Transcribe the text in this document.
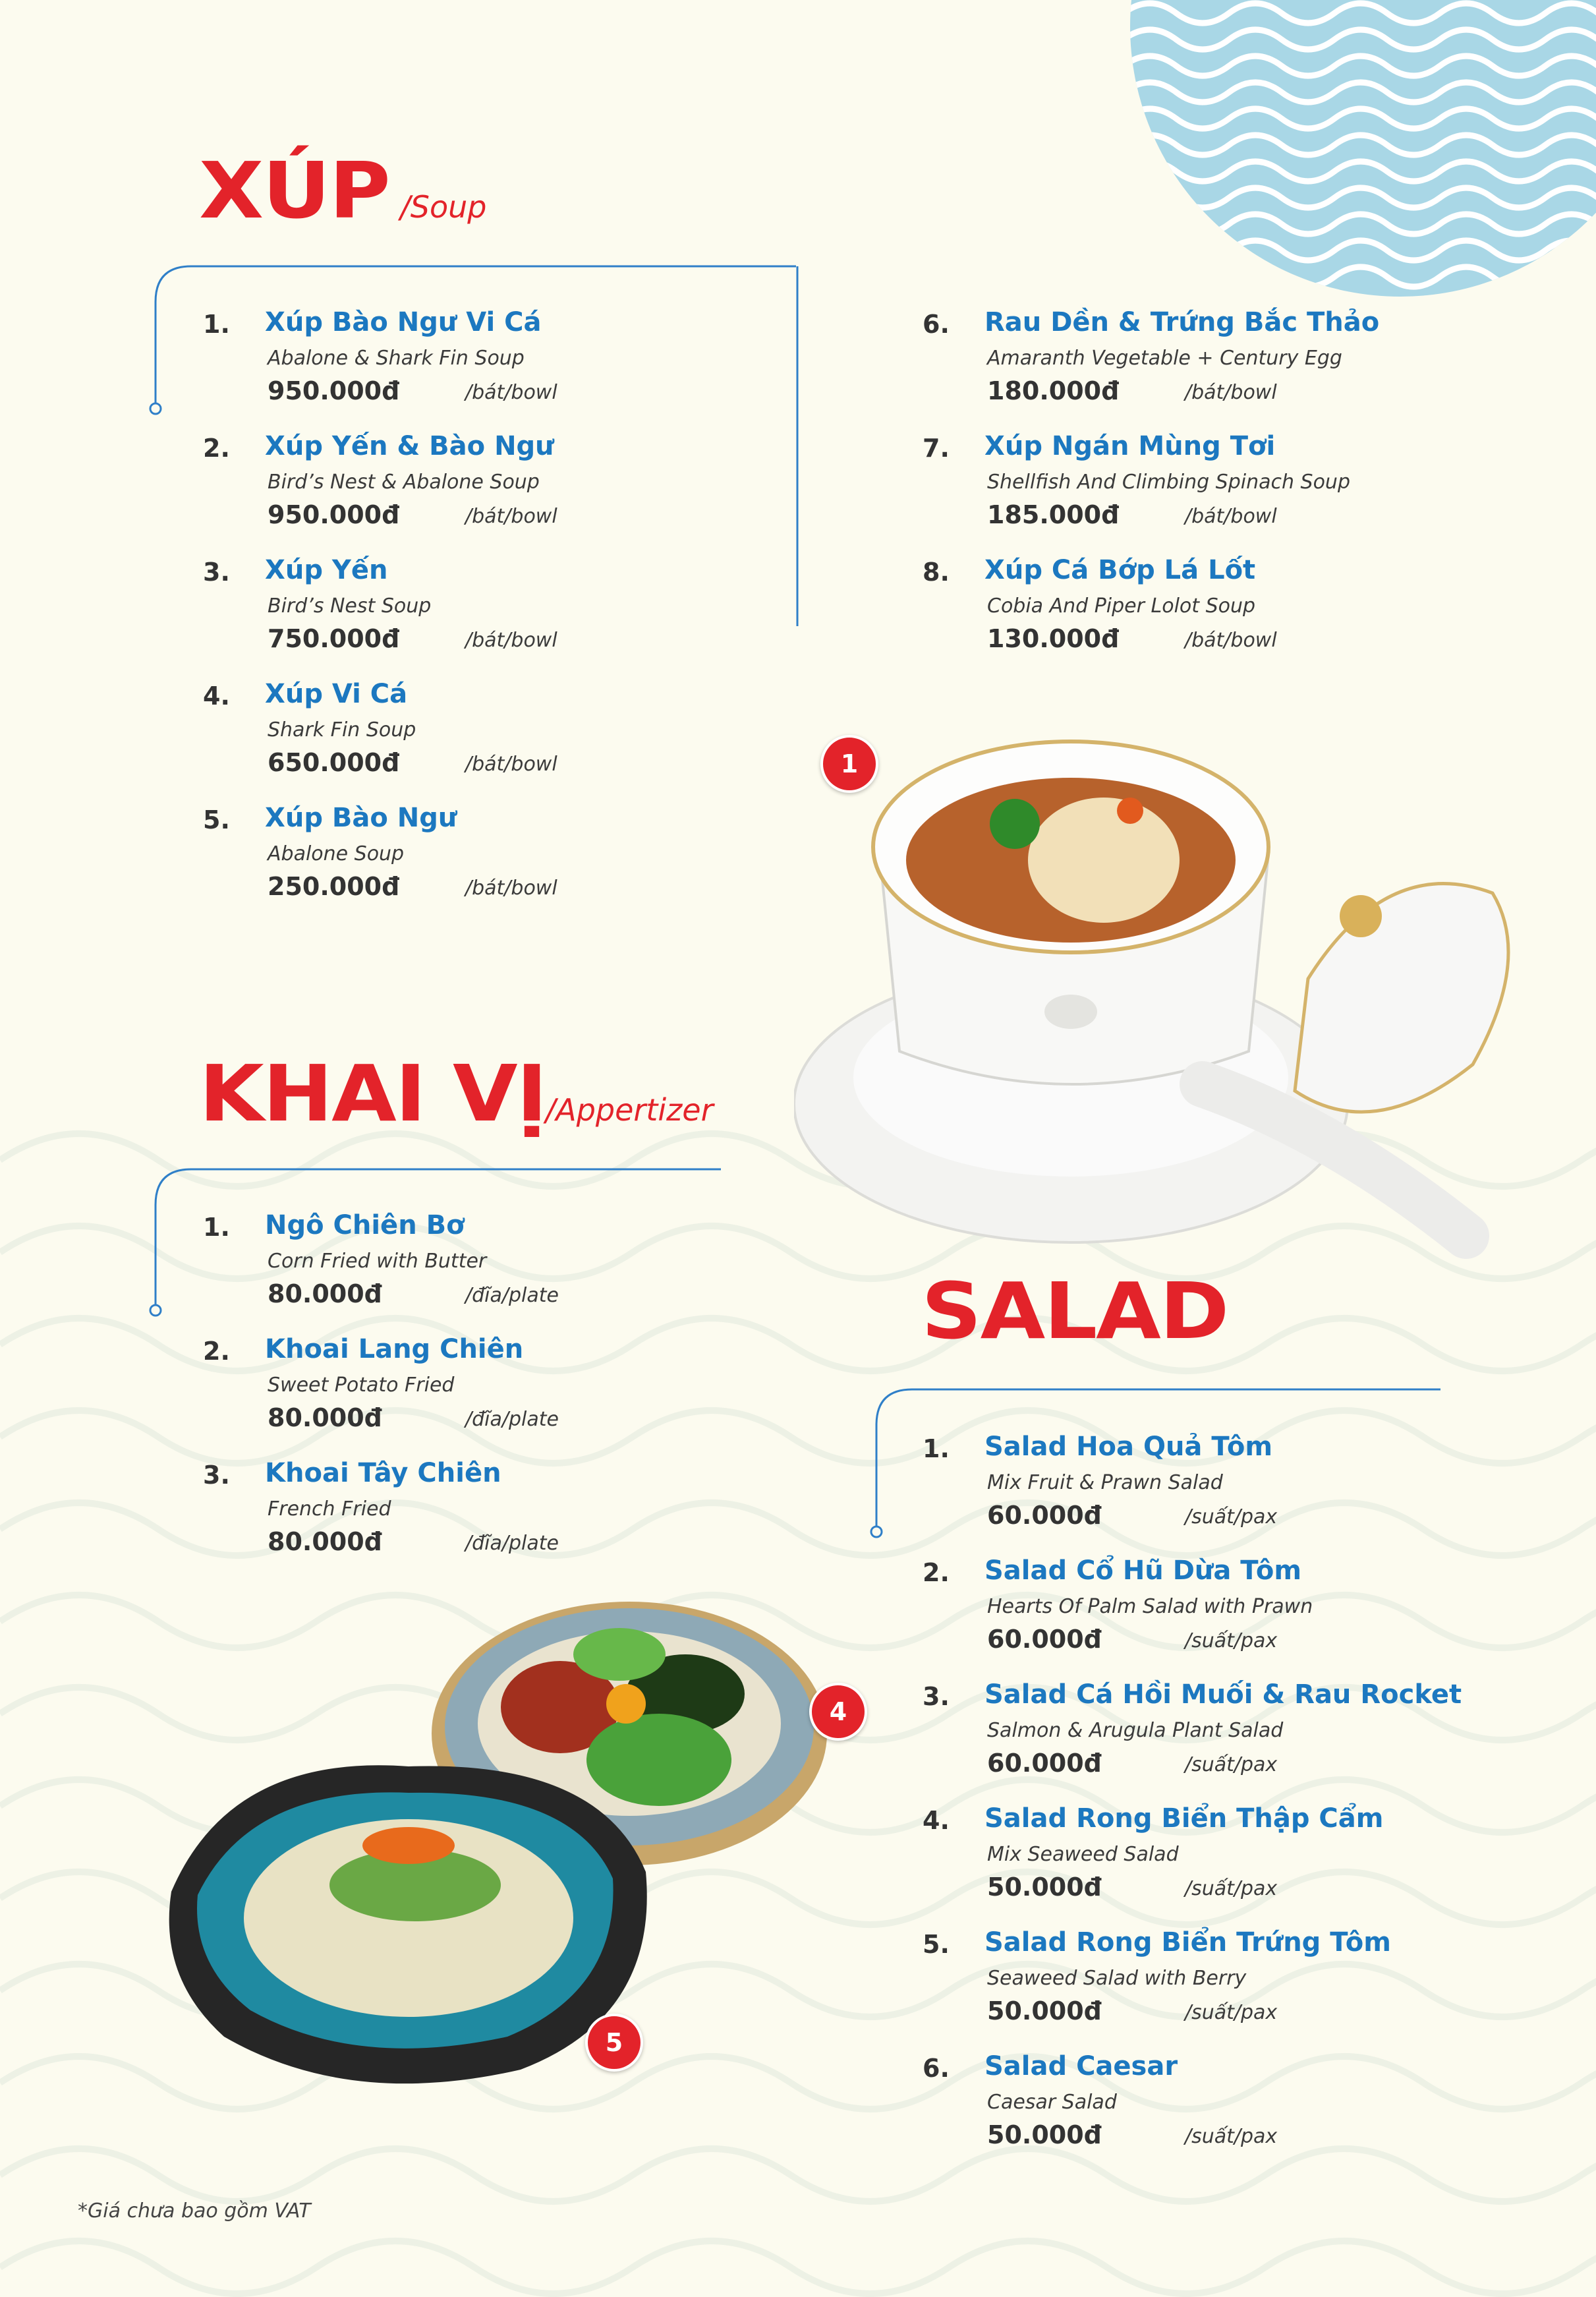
XÚP /Soup
1. Xúp Bào Ngư Vi Cá
Abalone & Shark Fin Soup
950.000đ	/bát/bowl
2. Xúp Yến & Bào Ngư
Bird’s Nest & Abalone Soup
950.000đ	/bát/bowl
3. Xúp Yến
Bird’s Nest Soup
750.000đ	/bát/bowl
4. Xúp Vi Cá
Shark Fin Soup
650.000đ	/bát/bowl
5. Xúp Bào Ngư
Abalone Soup
250.000đ	/bát/bowl
6. Rau Dền & Trứng Bắc Thảo
Amaranth Vegetable + Century Egg
180.000đ	/bát/bowl
7. Xúp Ngán Mùng Tơi
Shellfish And Climbing Spinach Soup
185.000đ	/bát/bowl
8. Xúp Cá Bớp Lá Lốt
Cobia And Piper Lolot Soup
130.000đ	/bát/bowl
KHAI VỊ
/Appertizer
1. Ngô Chiên Bơ
Corn Fried with Butter
80.000đ	/đĩa/plate
2. Khoai Lang Chiên
Sweet Potato Fried
80.000đ	/đĩa/plate
3. Khoai Tây Chiên
French Fried
80.000đ	/đĩa/plate
1
4
5
SALAD
1. Salad Hoa Quả Tôm
Mix Fruit & Prawn Salad
60.000đ	/suất/pax
2. Salad Cổ Hũ Dừa Tôm
Hearts Of Palm Salad with Prawn
60.000đ	/suất/pax
3. Salad Cá Hồi Muối & Rau Rocket
Salmon & Arugula Plant Salad
60.000đ	/suất/pax
4. Salad Rong Biển Thập Cẩm
Mix Seaweed Salad
50.000đ	/suất/pax
5. Salad Rong Biển Trứng Tôm
Seaweed Salad with Berry
50.000đ	/suất/pax
6. Salad Caesar
Caesar Salad
50.000đ	/suất/pax
*Giá chưa bao gồm VAT
